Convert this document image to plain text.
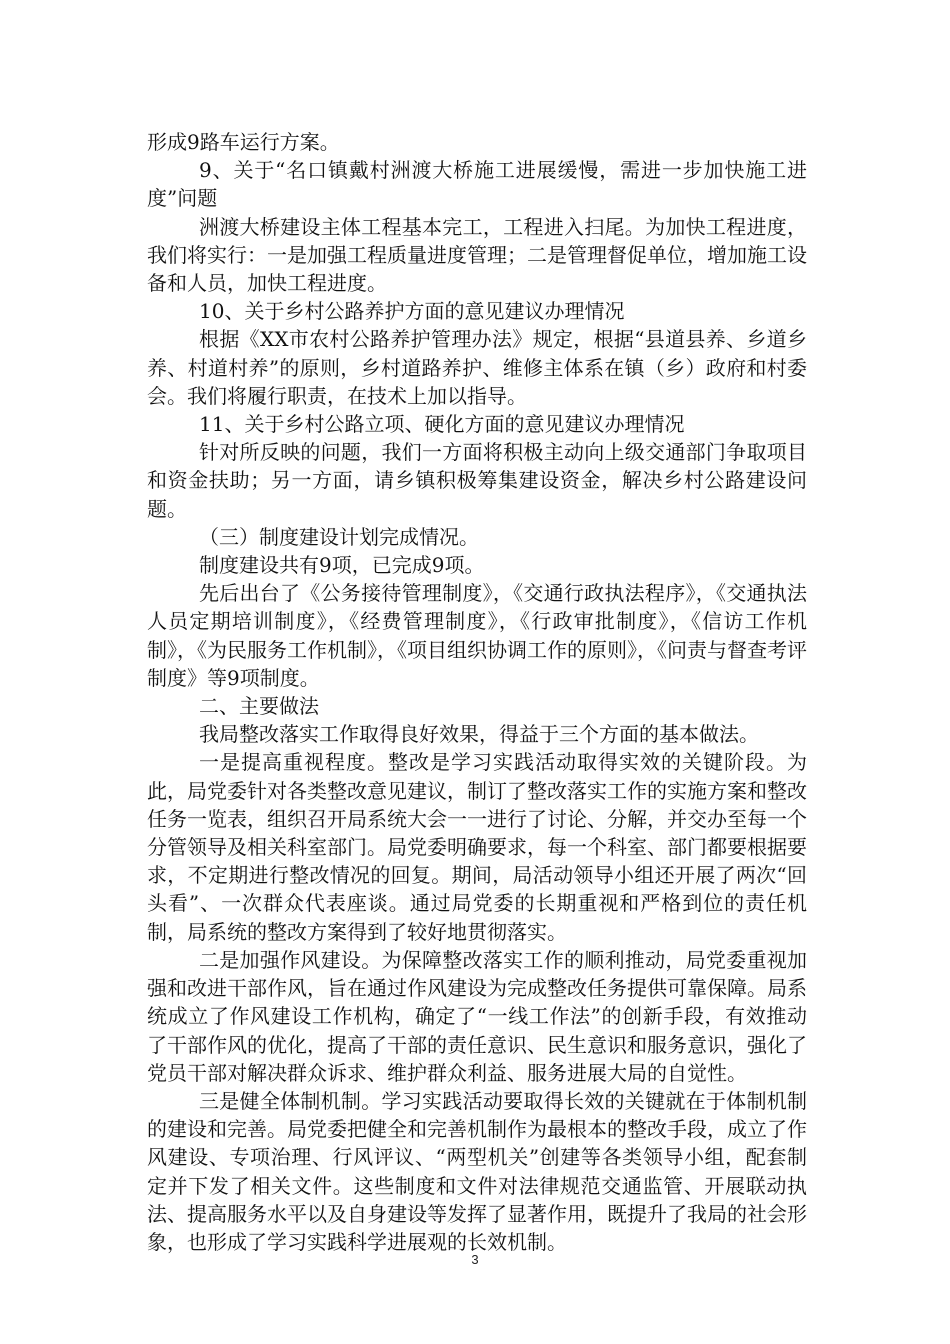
形成9路车运行方案。

9、关于“名口镇戴村洲渡大桥施工进展缓慢，需进一步加快施工进度”问题

洲渡大桥建设主体工程基本完工，工程进入扫尾。为加快工程进度，我们将实行：一是加强工程质量进度管理；二是管理督促单位，增加施工设备和人员，加快工程进度。

10、关于乡村公路养护方面的意见建议办理情况

根据《XX市农村公路养护管理办法》规定，根据“县道县养、乡道乡养、村道村养”的原则，乡村道路养护、维修主体系在镇（乡）政府和村委会。我们将履行职责，在技术上加以指导。

11、关于乡村公路立项、硬化方面的意见建议办理情况

针对所反映的问题，我们一方面将积极主动向上级交通部门争取项目和资金扶助；另一方面，请乡镇积极筹集建设资金，解决乡村公路建设问题。

（三）制度建设计划完成情况。

制度建设共有9项，已完成9项。

先后出台了《公务接待管理制度》，《交通行政执法程序》，《交通执法人员定期培训制度》，《经费管理制度》，《行政审批制度》，《信访工作机制》，《为民服务工作机制》，《项目组织协调工作的原则》，《问责与督查考评制度》等9项制度。

二、主要做法

我局整改落实工作取得良好效果，得益于三个方面的基本做法。

一是提高重视程度。整改是学习实践活动取得实效的关键阶段。为此，局党委针对各类整改意见建议，制订了整改落实工作的实施方案和整改任务一览表，组织召开局系统大会一一进行了讨论、分解，并交办至每一个分管领导及相关科室部门。局党委明确要求，每一个科室、部门都要根据要求，不定期进行整改情况的回复。期间，局活动领导小组还开展了两次“回头看”、一次群众代表座谈。通过局党委的长期重视和严格到位的责任机制，局系统的整改方案得到了较好地贯彻落实。

二是加强作风建设。为保障整改落实工作的顺利推动，局党委重视加强和改进干部作风，旨在通过作风建设为完成整改任务提供可靠保障。局系统成立了作风建设工作机构，确定了“一线工作法”的创新手段，有效推动了干部作风的优化，提高了干部的责任意识、民生意识和服务意识，强化了党员干部对解决群众诉求、维护群众利益、服务进展大局的自觉性。

三是健全体制机制。学习实践活动要取得长效的关键就在于体制机制的建设和完善。局党委把健全和完善机制作为最根本的整改手段，成立了作风建设、专项治理、行风评议、“两型机关”创建等各类领导小组，配套制定并下发了相关文件。这些制度和文件对法律规范交通监管、开展联动执法、提高服务水平以及自身建设等发挥了显著作用，既提升了我局的社会形象，也形成了学习实践科学进展观的长效机制。

3
